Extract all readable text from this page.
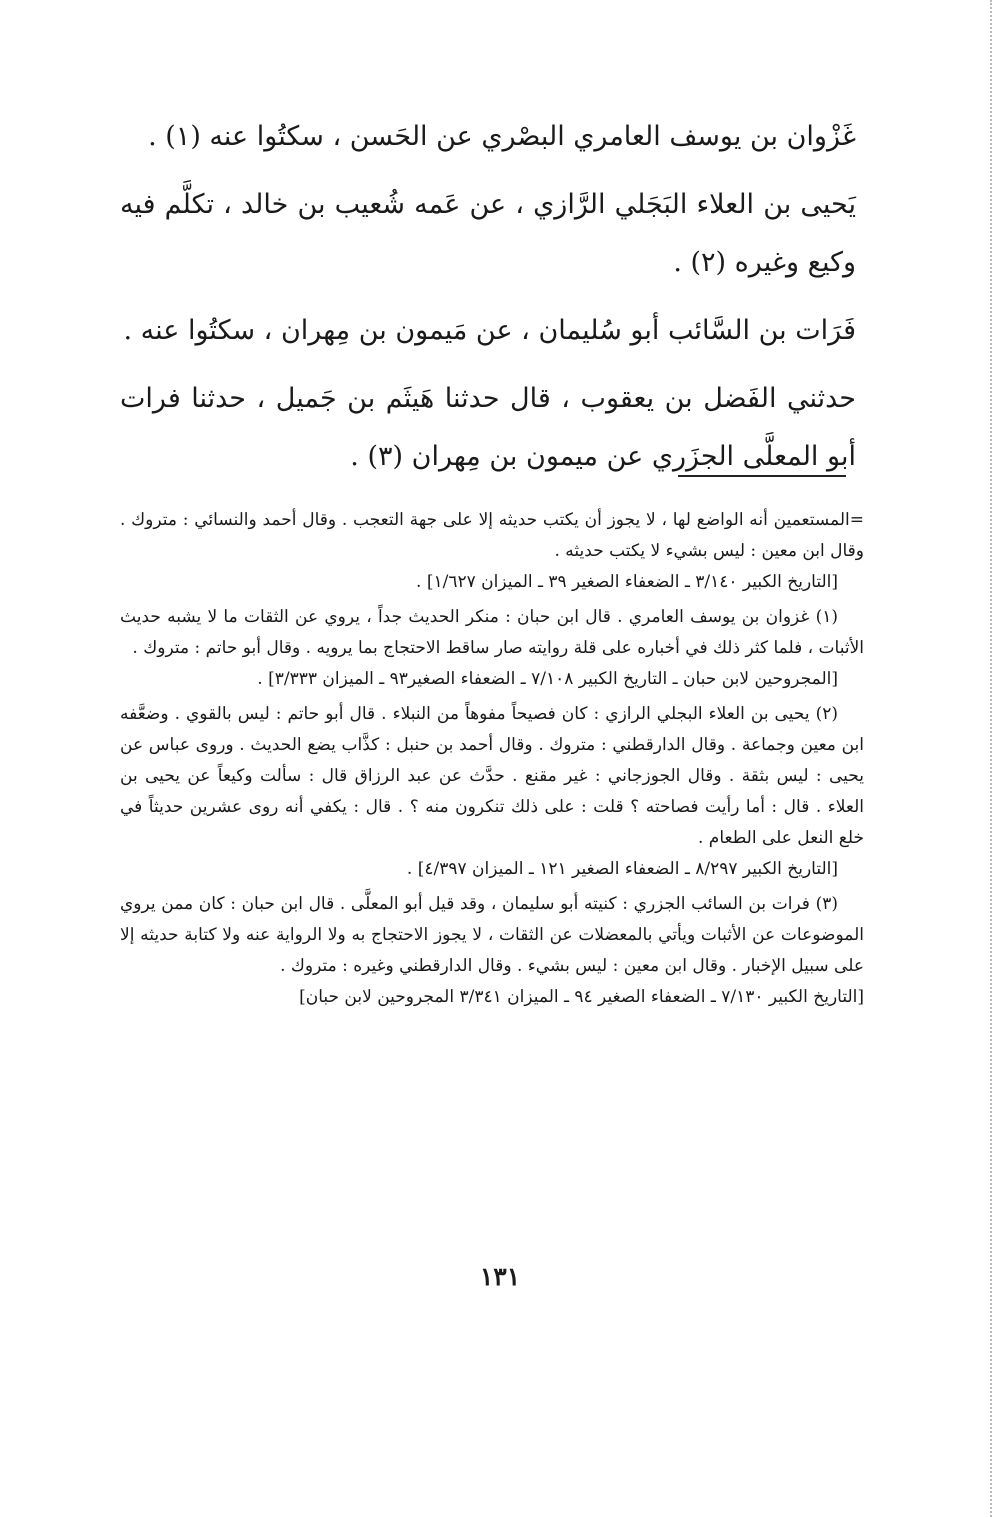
غَزْوان بن يوسف العامري البصْري عن الحَسن ، سكتُوا عنه (١) .

يَحيى بن العلاء البَجَلي الرَّازي ، عن عَمه شُعيب بن خالد ، تكلَّم فيه وكيع وغيره (٢) .

فَرَات بن السَّائب أبو سُليمان ، عن مَيمون بن مِهران ، سكتُوا عنه .

حدثني الفَضل بن يعقوب ، قال حدثنا هَيثَم بن جَميل ، حدثنا فرات أبو المعلَّى الجزَري عن ميمون بن مِهران (٣) .

=المستعمين أنه الواضع لها ، لا يجوز أن يكتب حديثه إلا على جهة التعجب . وقال أحمد والنسائي : متروك . وقال ابن معين : ليس بشيء لا يكتب حديثه .

[التاريخ الكبير ٣/١٤٠ ـ الضعفاء الصغير ٣٩ ـ الميزان ١/٦٢٧] .

(١) غزوان بن يوسف العامري . قال ابن حبان : منكر الحديث جداً ، يروي عن الثقات ما لا يشبه حديث الأثبات ، فلما كثر ذلك في أخباره على قلة روايته صار ساقط الاحتجاج بما يرويه . وقال أبو حاتم : متروك .

[المجروحين لابن حبان ـ التاريخ الكبير ٧/١٠٨ ـ الضعفاء الصغير٩٣ ـ الميزان ٣/٣٣٣] .

(٢) يحيى بن العلاء البجلي الرازي : كان فصيحاً مفوهاً من النبلاء . قال أبو حاتم : ليس بالقوي . وضعَّفه ابن معين وجماعة . وقال الدارقطني : متروك . وقال أحمد بن حنبل : كذَّاب يضع الحديث . وروى عباس عن يحيى : ليس بثقة . وقال الجوزجاني : غير مقنع . حدَّث عن عبد الرزاق قال : سألت وكيعاً عن يحيى بن العلاء . قال : أما رأيت فصاحته ؟ قلت : على ذلك تنكرون منه ؟ . قال : يكفي أنه روى عشرين حديثاً في خلع النعل على الطعام .

[التاريخ الكبير ٨/٢٩٧ ـ الضعفاء الصغير ١٢١ ـ الميزان ٤/٣٩٧] .

(٣) فرات بن السائب الجزري : كنيته أبو سليمان ، وقد قيل أبو المعلَّى . قال ابن حبان : كان ممن يروي الموضوعات عن الأثبات ويأتي بالمعضلات عن الثقات ، لا يجوز الاحتجاج به ولا الرواية عنه ولا كتابة حديثه إلا على سبيل الإخبار . وقال ابن معين : ليس بشيء . وقال الدارقطني وغيره : متروك .

[التاريخ الكبير ٧/١٣٠ ـ الضعفاء الصغير ٩٤ ـ الميزان ٣/٣٤١ المجروحين لابن حبان]

١٣١
